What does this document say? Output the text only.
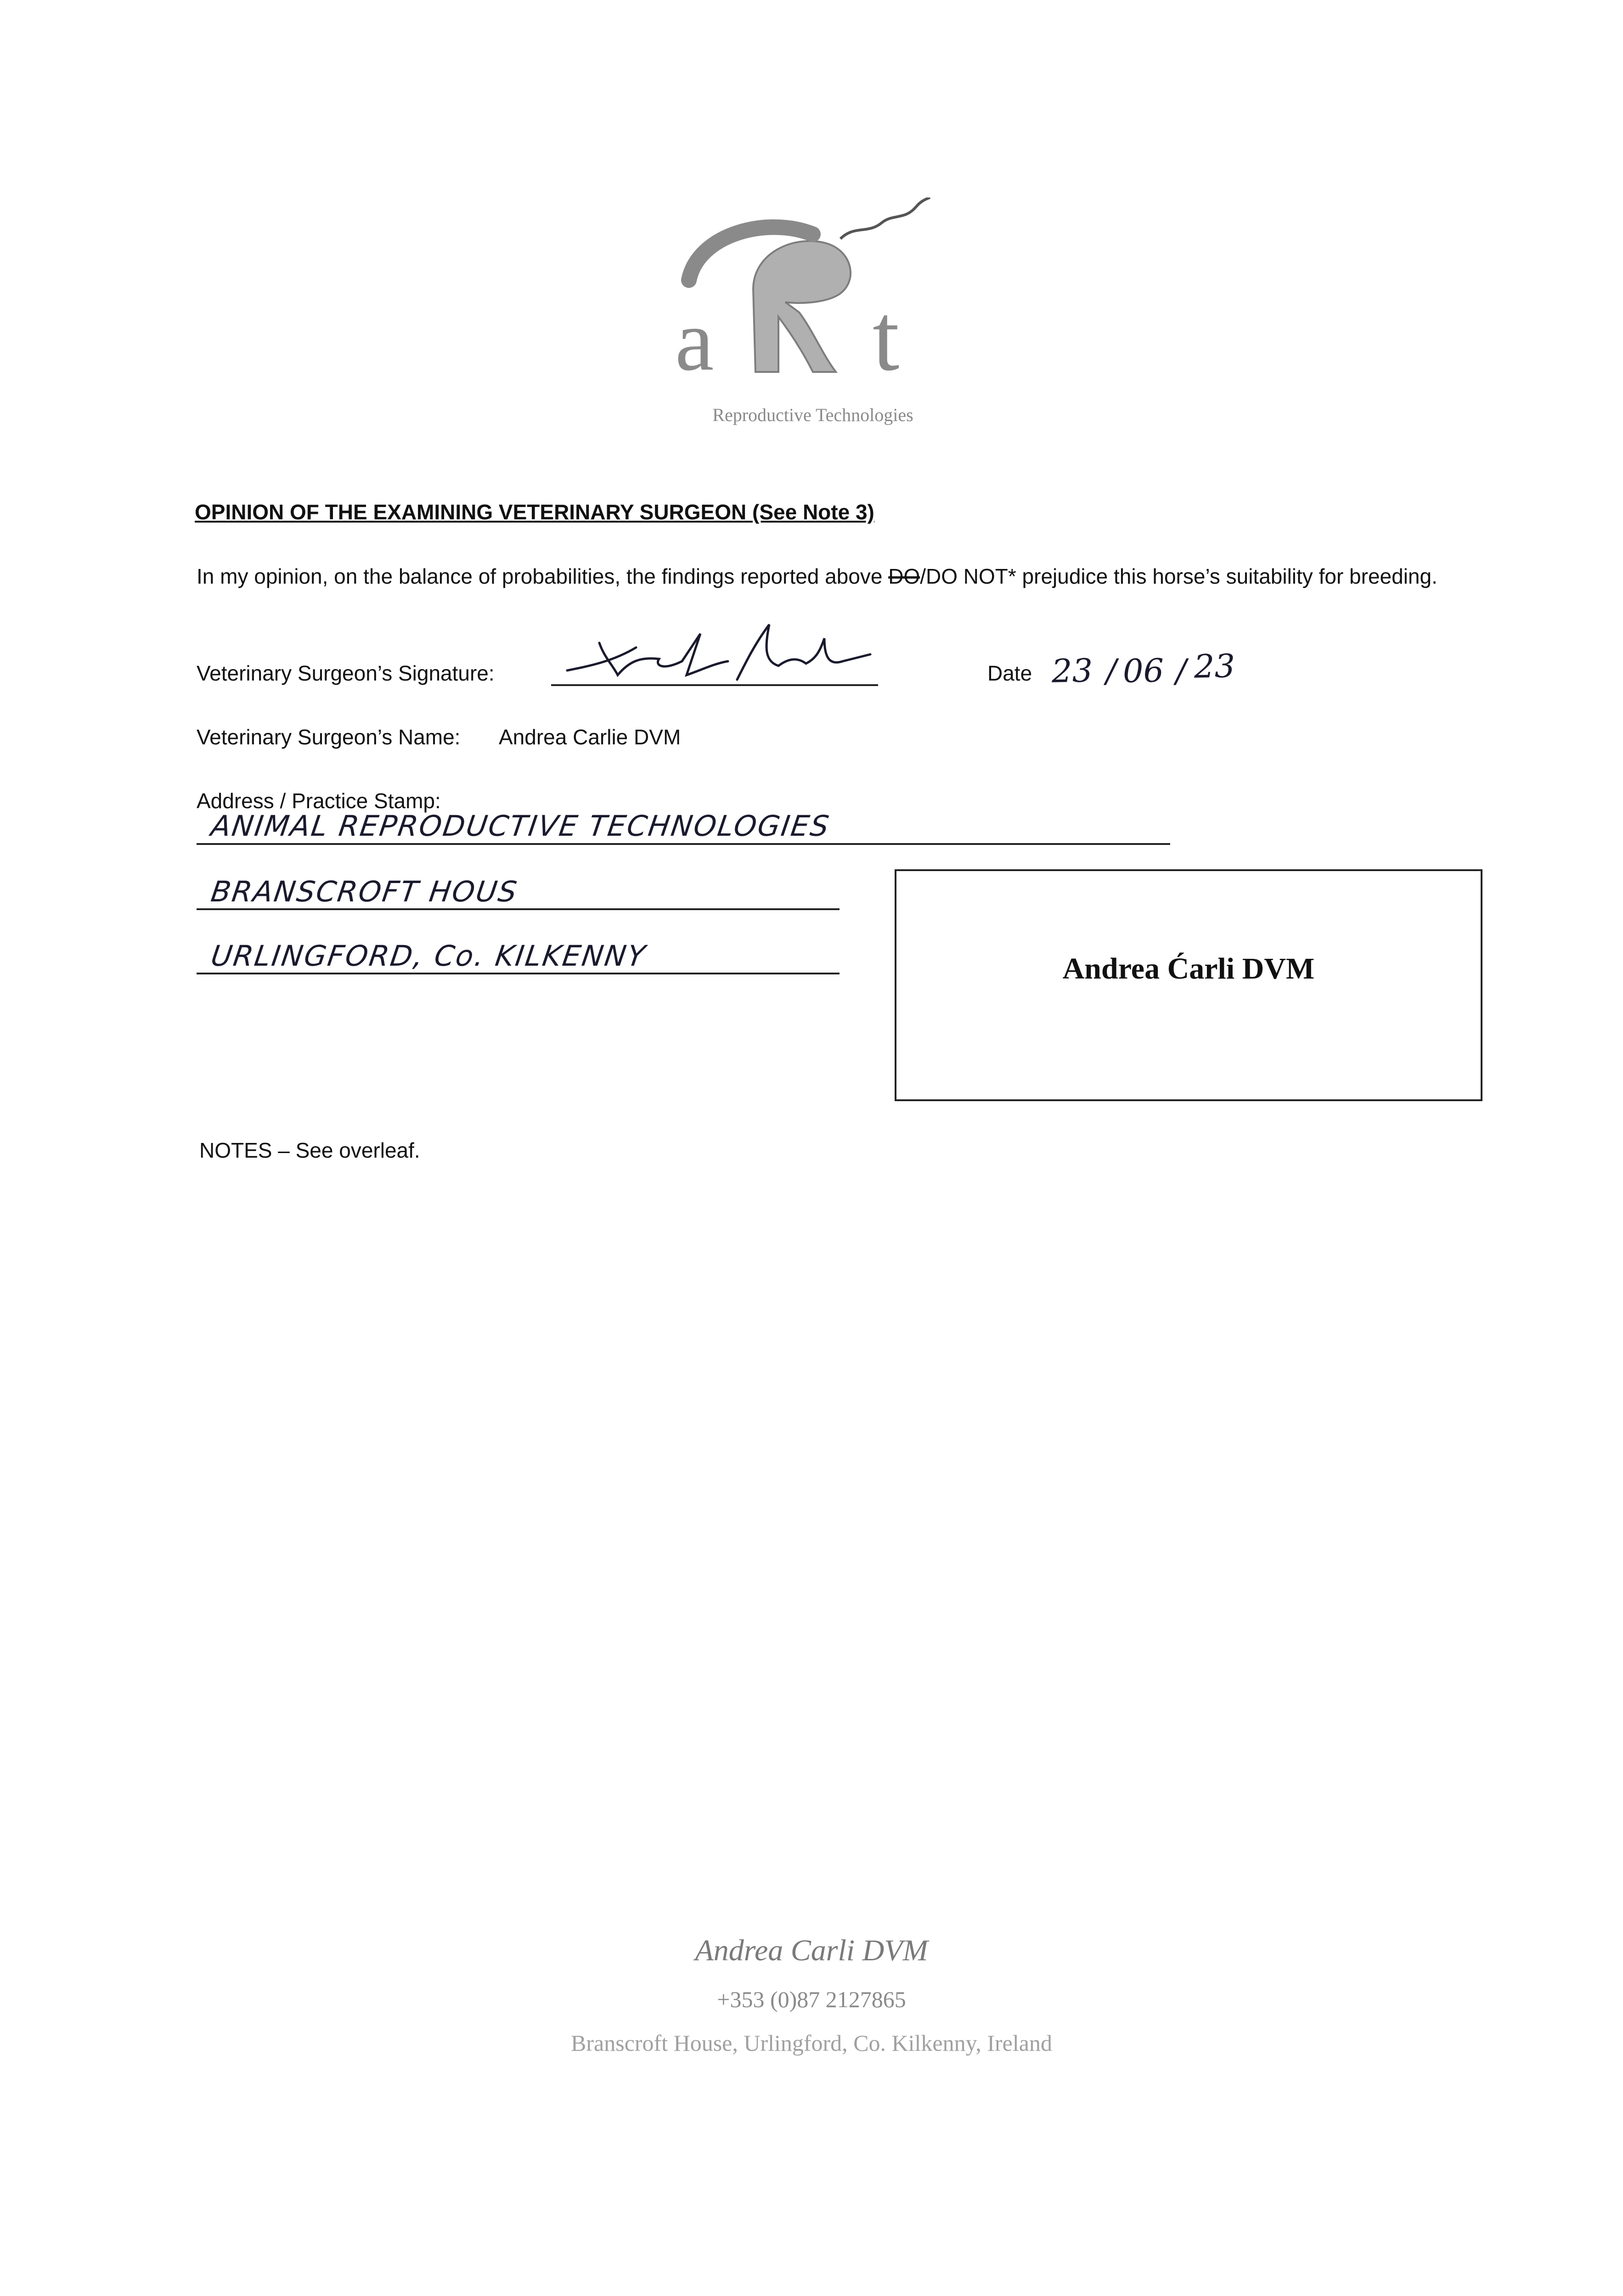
a t
Reproductive Technologies
OPINION OF THE EXAMINING VETERINARY SURGEON (See Note 3)
In my opinion, on the balance of probabilities, the findings reported above DO/DO NOT* prejudice this horse’s suitability for breeding.
Veterinary Surgeon’s Signature:	Date 23 / 06 / 23
Veterinary Surgeon’s Name: Andrea Carlie DVM
Address / Practice Stamp:
ANIMAL REPRODUCTIVE TECHNOLOGIES
BRANSCROFT HOUS
URLINGFORD, Co. KILKENNY	Andrea Ćarli DVM
NOTES – See overleaf.
Andrea Carli DVM
+353 (0)87 2127865
Branscroft House, Urlingford, Co. Kilkenny, Ireland
